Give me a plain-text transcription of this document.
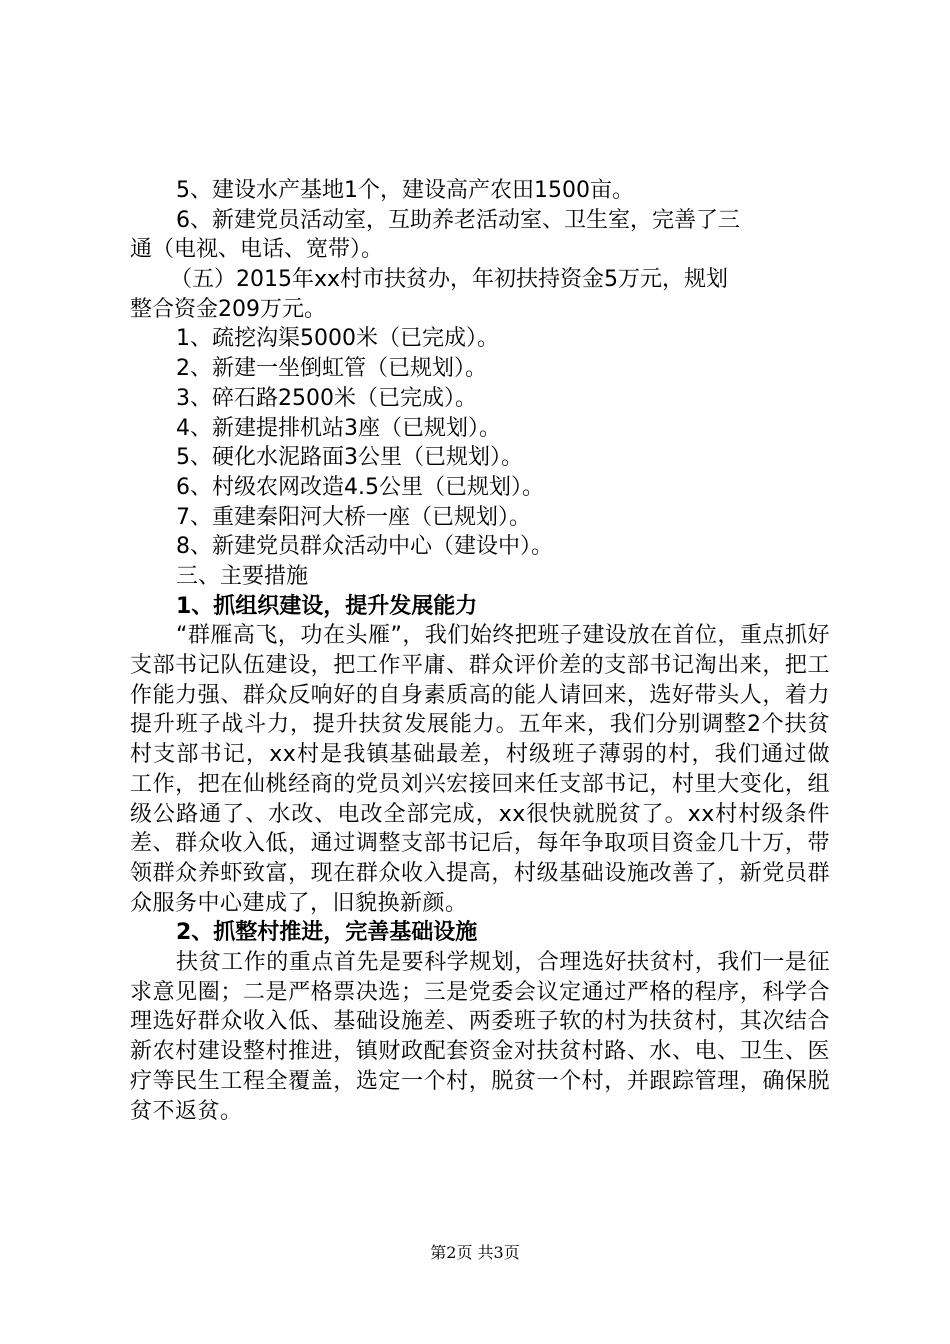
5、建设水产基地1个，建设高产农田1500亩。
6、新建党员活动室，互助养老活动室、卫生室，完善了三
通（电视、电话、宽带）。
（五）2015年xx村市扶贫办，年初扶持资金5万元，规划
整合资金209万元。
1、疏挖沟渠5000米（已完成）。
2、新建一坐倒虹管（已规划）。
3、碎石路2500米（已完成）。
4、新建提排机站3座（已规划）。
5、硬化水泥路面3公里（已规划）。
6、村级农网改造4.5公里（已规划）。
7、重建秦阳河大桥一座（已规划）。
8、新建党员群众活动中心（建设中）。
三、主要措施
1、抓组织建设，提升发展能力
“群雁高飞，功在头雁”，我们始终把班子建设放在首位，重点抓好支部书记队伍建设，把工作平庸、群众评价差的支部书记淘出来，把工作能力强、群众反响好的自身素质高的能人请回来，选好带头人，着力提升班子战斗力，提升扶贫发展能力。五年来，我们分别调整2个扶贫村支部书记，xx村是我镇基础最差，村级班子薄弱的村，我们通过做工作，把在仙桃经商的党员刘兴宏接回来任支部书记，村里大变化，组级公路通了、水改、电改全部完成，xx很快就脱贫了。xx村村级条件差、群众收入低，通过调整支部书记后，每年争取项目资金几十万，带领群众养虾致富，现在群众收入提高，村级基础设施改善了，新党员群众服务中心建成了，旧貌换新颜。
2、抓整村推进，完善基础设施
扶贫工作的重点首先是要科学规划，合理选好扶贫村，我们一是征求意见圈；二是严格票决选；三是党委会议定通过严格的程序，科学合理选好群众收入低、基础设施差、两委班子软的村为扶贫村，其次结合新农村建设整村推进，镇财政配套资金对扶贫村路、水、电、卫生、医疗等民生工程全覆盖，选定一个村，脱贫一个村，并跟踪管理，确保脱贫不返贫。
第2页 共3页
